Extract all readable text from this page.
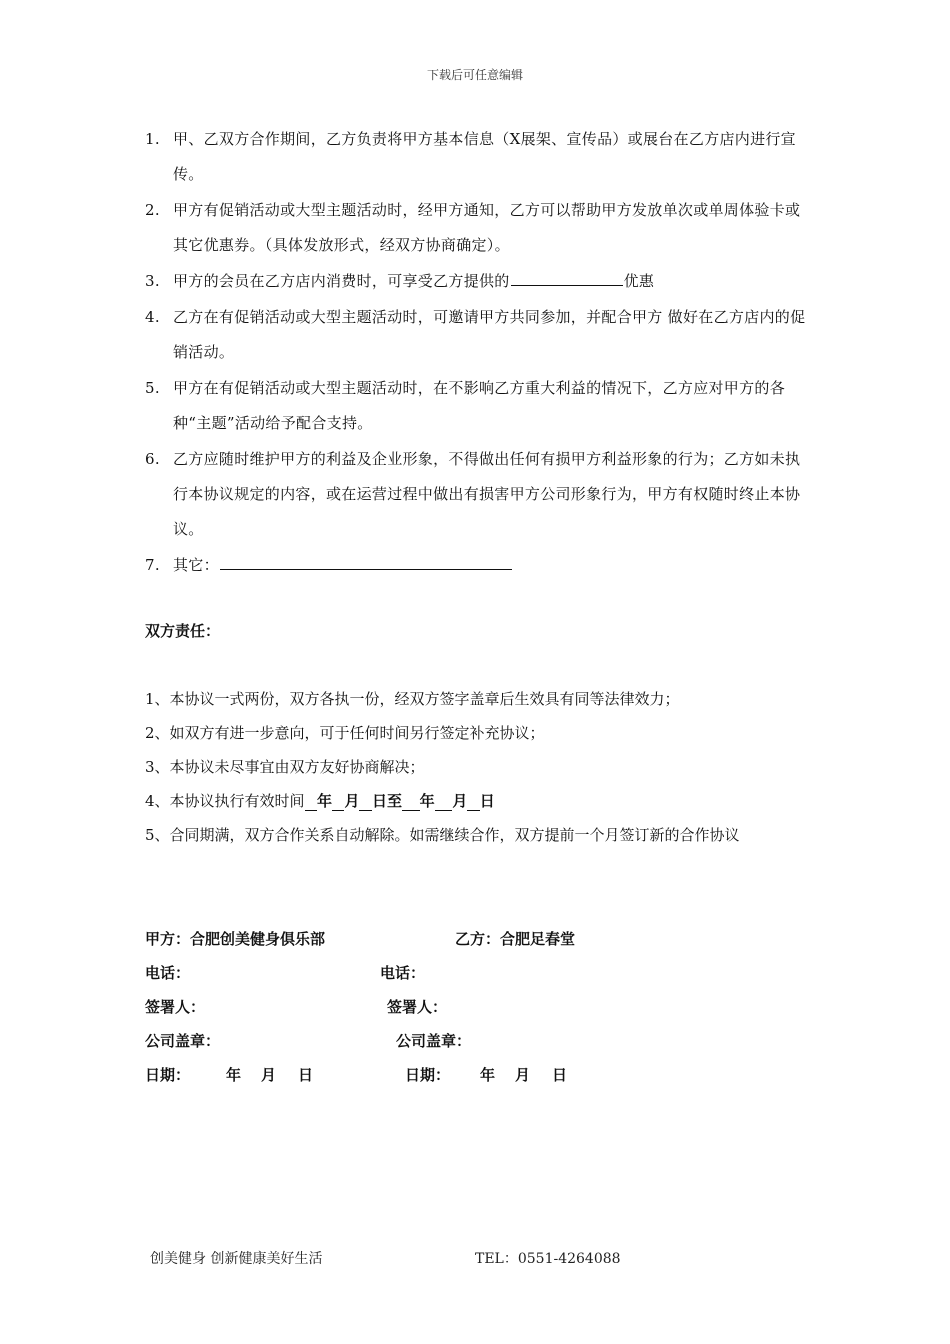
下载后可任意编辑
1. 甲、乙双方合作期间，乙方负责将甲方基本信息（X展架、宣传品）或展台在乙方店内进行宣传。
2. 甲方有促销活动或大型主题活动时，经甲方通知，乙方可以帮助甲方发放单次或单周体验卡或其它优惠券。（具体发放形式，经双方协商确定）。
3. 甲方的会员在乙方店内消费时，可享受乙方提供的	优惠
4. 乙方在有促销活动或大型主题活动时，可邀请甲方共同参加，并配合甲方 做好在乙方店内的促销活动。
5. 甲方在有促销活动或大型主题活动时，在不影响乙方重大利益的情况下，乙方应对甲方的各种“主题”活动给予配合支持。
6. 乙方应随时维护甲方的利益及企业形象，不得做出任何有损甲方利益形象的行为；乙方如未执行本协议规定的内容，或在运营过程中做出有损害甲方公司形象行为，甲方有权随时终止本协议。
7. 其它：
双方责任：
1、本协议一式两份，双方各执一份，经双方签字盖章后生效具有同等法律效力；
2、如双方有进一步意向，可于任何时间另行签定补充协议；
3、本协议未尽事宜由双方友好协商解决；
4、本协议执行有效时间 年 月 日至 年 月 日
5、合同期满，双方合作关系自动解除。如需继续合作，双方提前一个月签订新的合作协议
甲方：合肥创美健身俱乐部
电话：
签署人：
公司盖章：
日期： 年 月 日
乙方：合肥足春堂
电话：
签署人：
公司盖章：
日期： 年 月 日
创美健身 创新健康美好生活	TEL：0551-4264088
